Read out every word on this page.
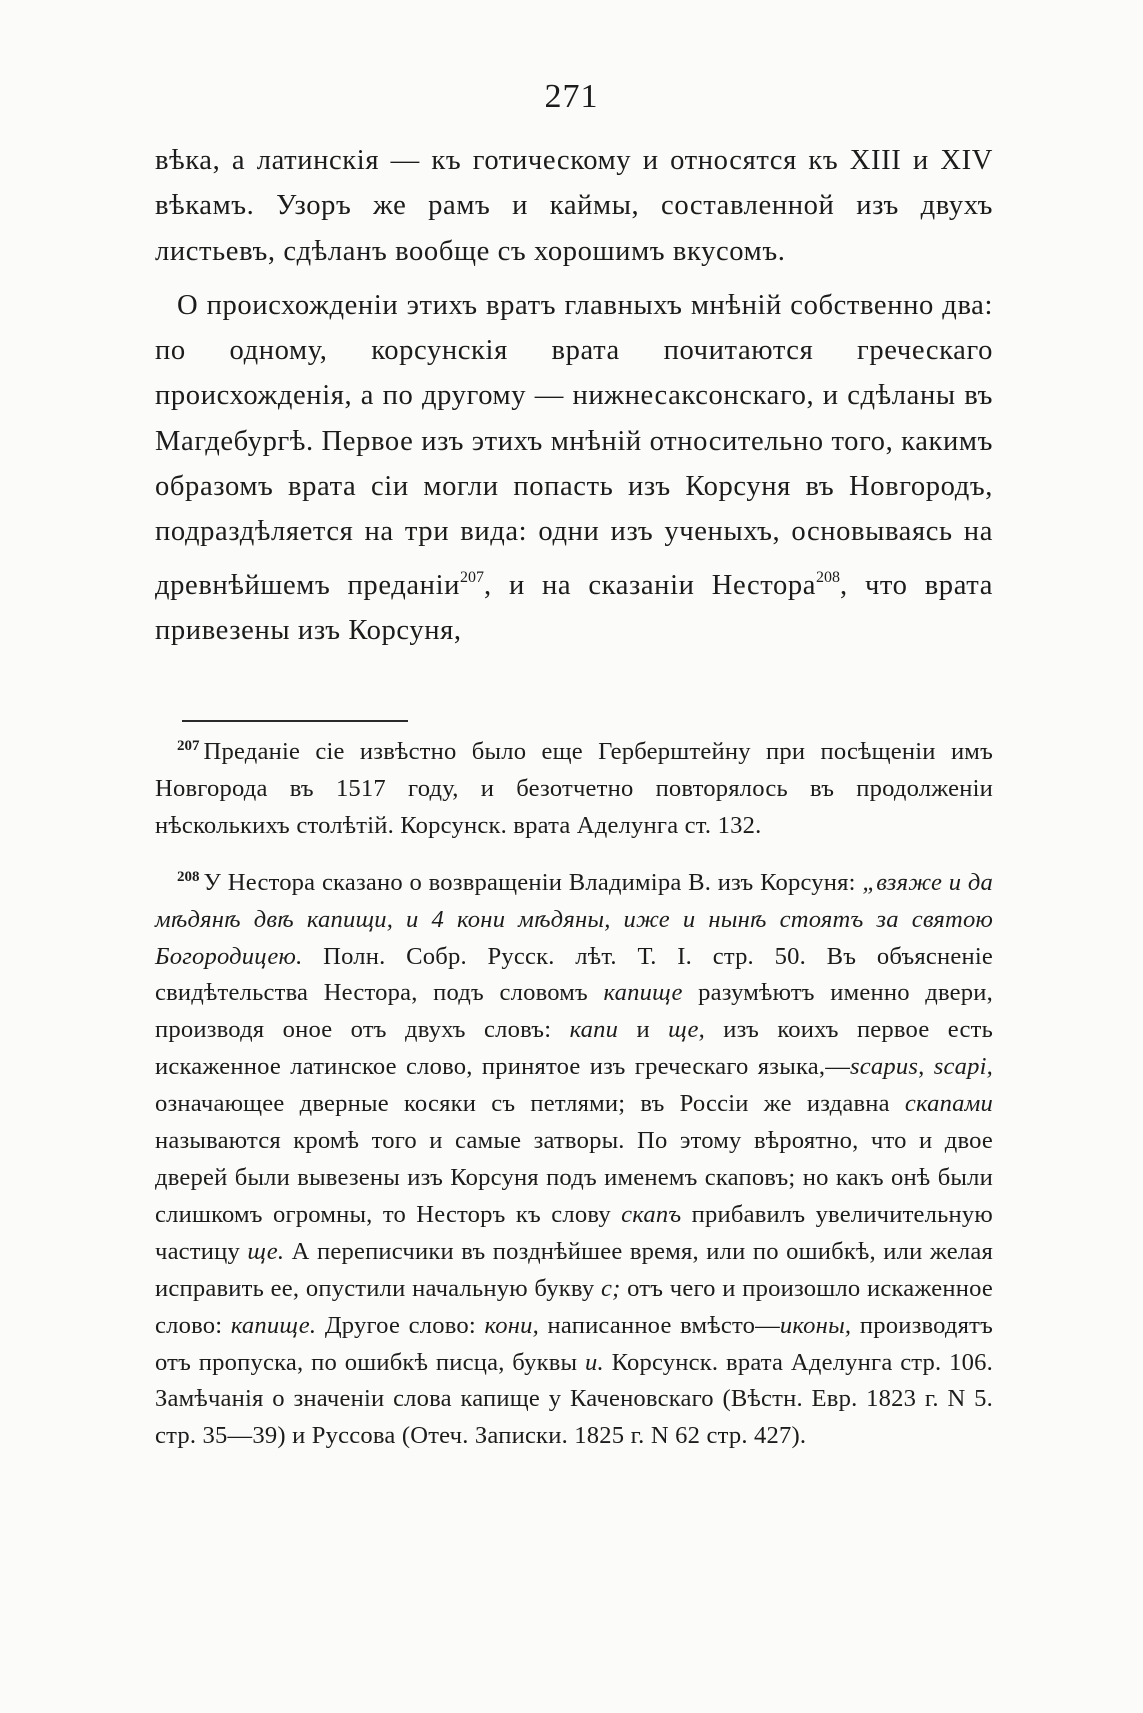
271

вѣка, а латинскія — къ готическому и относятся къ XIII и XIV вѣкамъ. Узоръ же рамъ и каймы, составленной изъ двухъ листьевъ, сдѣланъ вообще съ хорошимъ вкусомъ.

О происхожденіи этихъ вратъ главныхъ мнѣній собственно два: по одному, корсунскія врата почитаются греческаго происхожденія, а по другому — нижнесаксонскаго, и сдѣланы въ Магдебургѣ. Первое изъ этихъ мнѣній относительно того, какимъ образомъ врата сіи могли попасть изъ Корсуня въ Новгородъ, подраздѣляется на три вида: одни изъ ученыхъ, основываясь на древнѣйшемъ преданіи$^{207}$, и на сказаніи Нестора$^{208}$, что врата привезены изъ Корсуня,

$^{207}$ Преданіе сіе извѣстно было еще Герберштейну при посѣщеніи имъ Новгорода въ 1517 году, и безотчетно повторялось въ продолженіи нѣсколькихъ столѣтій. Корсунск. врата Аделунга ст. 132.

$^{208}$ У Нестора сказано о возвращеніи Владиміра В. изъ Корсуня: „взяже и да мѣдянѣ двѣ капищи, и 4 кони мѣдяны, иже и нынѣ стоятъ за святою Богородицею. Полн. Собр. Русск. лѣт. Т. I. стр. 50. Въ объясненіе свидѣтельства Нестора, подъ словомъ капище разумѣютъ именно двери, производя оное отъ двухъ словъ: капи и ще, изъ коихъ первое есть искаженное латинское слово, принятое изъ греческаго языка,—scapus, scapi, означающее дверные косяки съ петлями; въ Россіи же издавна скапами называются кромѣ того и самые затворы. По этому вѣроятно, что и двое дверей были вывезены изъ Корсуня подъ именемъ скаповъ; но какъ онѣ были слишкомъ огромны, то Несторъ къ слову скапъ прибавилъ увеличительную частицу ще. А переписчики въ позднѣйшее время, или по ошибкѣ, или желая исправить ее, опустили начальную букву с; отъ чего и произошло искаженное слово: капище. Другое слово: кони, написанное вмѣсто—иконы, производятъ отъ пропуска, по ошибкѣ писца, буквы и. Корсунск. врата Аделунга стр. 106. Замѣчанія о значеніи слова капище у Каченовскаго (Вѣстн. Евр. 1823 г. N 5. стр. 35—39) и Руссова (Отеч. Записки. 1825 г. N 62 стр. 427).
